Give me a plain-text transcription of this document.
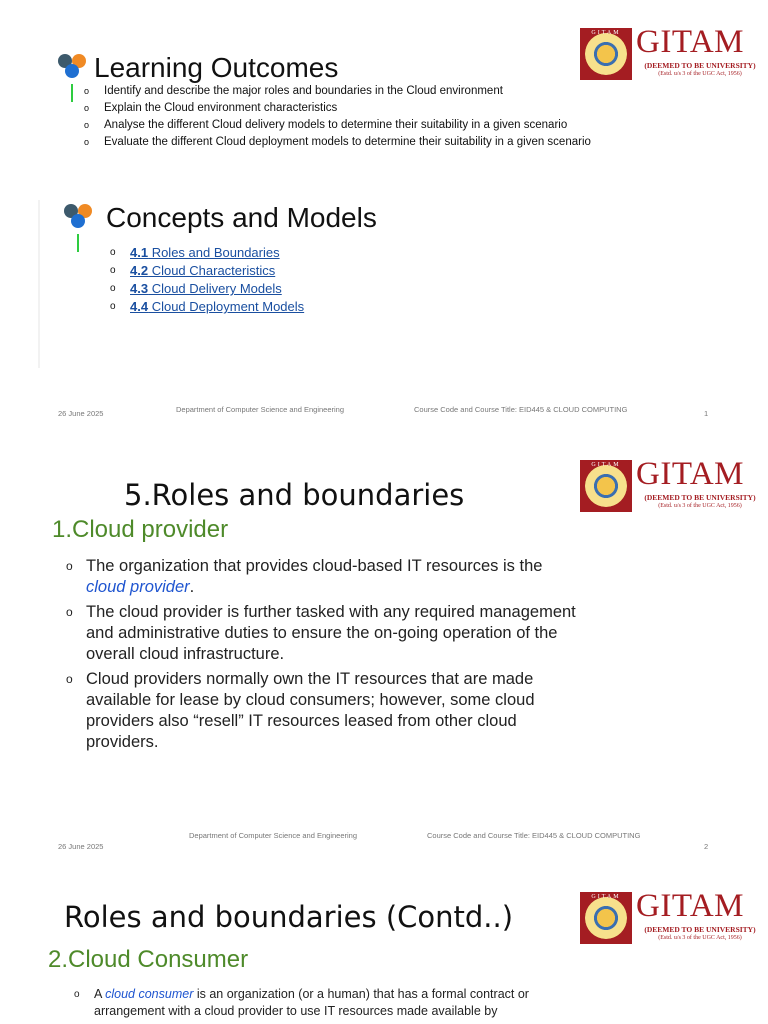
GITAM GITAM
(DEEMED TO BE UNIVERSITY)
(Estd. u/s 3 of the UGC Act, 1956)
Learning Outcomes
o Identify and describe the major roles and boundaries in the Cloud environment
o Explain the Cloud environment characteristics
o Analyse the different Cloud delivery models to determine their suitability in a given scenario
o Evaluate the different Cloud deployment models to determine their suitability in a given scenario
Concepts and Models
o 4.1 Roles and Boundaries
o 4.2 Cloud Characteristics
o 4.3 Cloud Delivery Models
o 4.4 Cloud Deployment Models
26 June 2025	Department of Computer Science and Engineering	Course Code and Course Title: EID445 & CLOUD COMPUTING	1
GITAM GITAM
(DEEMED TO BE UNIVERSITY)
(Estd. u/s 3 of the UGC Act, 1956)
5.Roles and boundaries
1.Cloud provider
o The organization that provides cloud-based IT resources is the cloud provider.
o The cloud provider is further tasked with any required management and administrative duties to ensure the on-going operation of the overall cloud infrastructure.
o Cloud providers normally own the IT resources that are made available for lease by cloud consumers; however, some cloud providers also “resell” IT resources leased from other cloud providers.
Department of Computer Science and Engineering	Course Code and Course Title: EID445 & CLOUD COMPUTING
26 June 2025	2
GITAM GITAM
(DEEMED TO BE UNIVERSITY)
(Estd. u/s 3 of the UGC Act, 1956)
Roles and boundaries (Contd..)
2.Cloud Consumer
o A cloud consumer is an organization (or a human) that has a formal contract or arrangement with a cloud provider to use IT resources made available by
